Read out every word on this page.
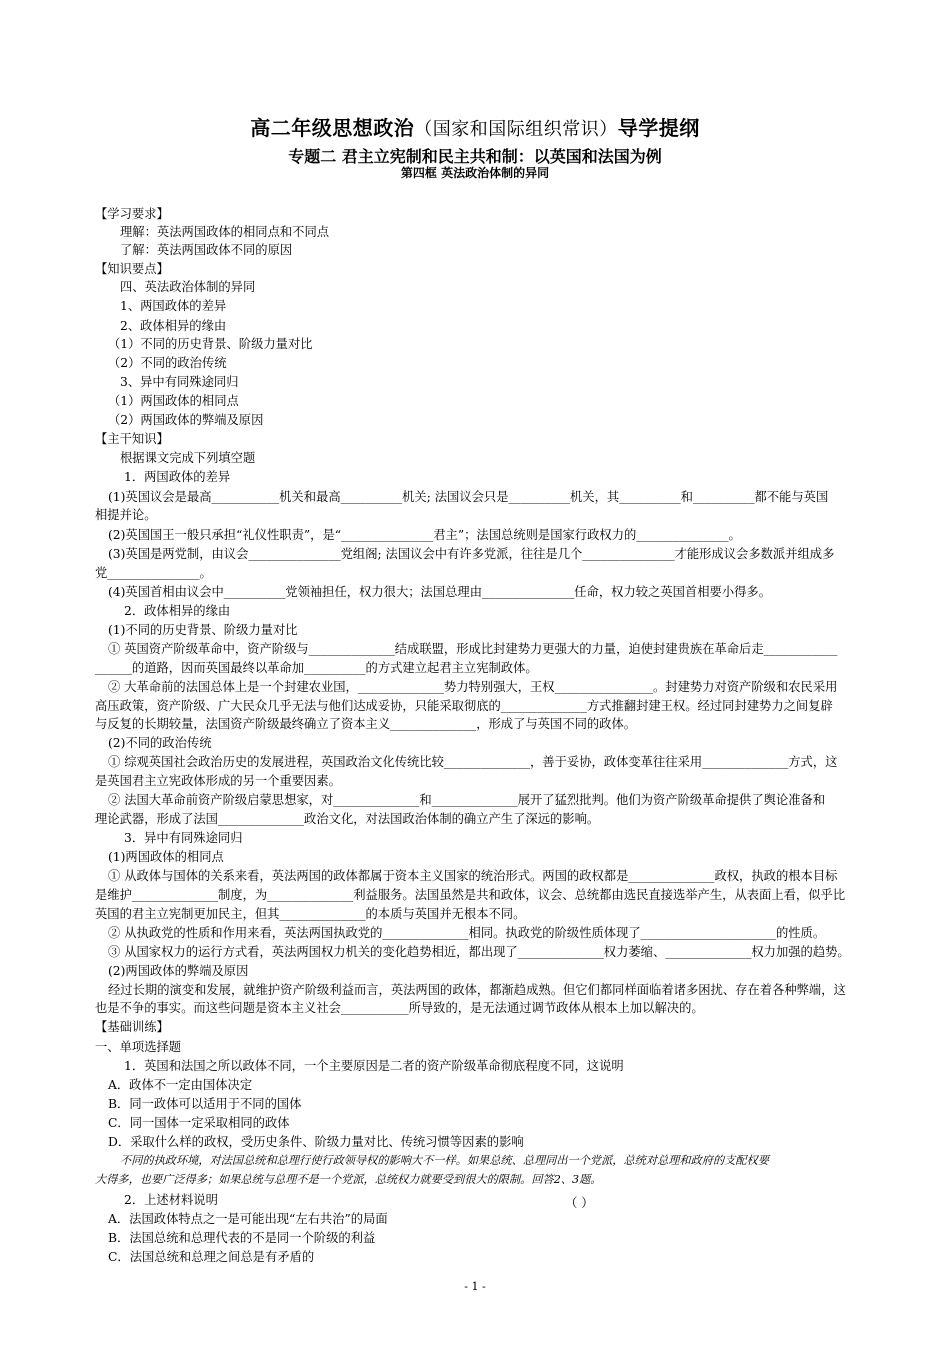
高二年级思想政治（国家和国际组织常识）导学提纲
专题二 君主立宪制和民主共和制：以英国和法国为例
第四框 英法政治体制的异同
【学习要求】
理解：英法两国政体的相同点和不同点
了解：英法两国政体不同的原因
【知识要点】
四、英法政治体制的异同
1、两国政体的差异
2、政体相异的缘由
（1）不同的历史背景、阶级力量对比
（2）不同的政治传统
3、异中有同殊途同归
（1）两国政体的相同点
（2）两国政体的弊端及原因
【主干知识】
根据课文完成下列填空题
1．两国政体的差异
(1)英国议会是最高___________机关和最高__________机关; 法国议会只是__________机关，其__________和__________都不能与英国
相提并论。
(2)英国国王一般只承担“礼仪性职责”，是“_______________君主”；法国总统则是国家行政权力的_______________。
(3)英国是两党制，由议会_______________党组阁; 法国议会中有许多党派，往往是几个_______________才能形成议会多数派并组成多
党_______________。
(4)英国首相由议会中__________党领袖担任，权力很大；法国总理由_______________任命，权力较之英国首相要小得多。
2．政体相异的缘由
(1)不同的历史背景、阶级力量对比
① 英国资产阶级革命中，资产阶级与______________结成联盟，形成比封建势力更强大的力量，迫使封建贵族在革命后走____________
______的道路，因而英国最终以革命加__________的方式建立起君主立宪制政体。
② 大革命前的法国总体上是一个封建农业国，______________势力特别强大，王权________________。封建势力对资产阶级和农民采用
高压政策，资产阶级、广大民众几乎无法与他们达成妥协，只能采取彻底的______________方式推翻封建王权。经过同封建势力之间复辟
与反复的长期较量，法国资产阶级最终确立了资本主义______________，形成了与英国不同的政体。
(2)不同的政治传统
① 综观英国社会政治历史的发展进程，英国政治文化传统比较______________，善于妥协，政体变革往往采用______________方式，这
是英国君主立宪政体形成的另一个重要因素。
② 法国大革命前资产阶级启蒙思想家，对______________和______________展开了猛烈批判。他们为资产阶级革命提供了舆论准备和
理论武器，形成了法国______________政治文化，对法国政治体制的确立产生了深远的影响。
3．异中有同殊途同归
(1)两国政体的相同点
① 从政体与国体的关系来看，英法两国的政体都属于资本主义国家的统治形式。两国的政权都是______________政权，执政的根本目标
是维护______________制度，为______________利益服务。法国虽然是共和政体，议会、总统都由选民直接选举产生，从表面上看，似乎比
英国的君主立宪制更加民主，但其______________的本质与英国并无根本不同。
② 从执政党的性质和作用来看，英法两国执政党的______________相同。执政党的阶级性质体现了______________________的性质。
③ 从国家权力的运行方式看，英法两国权力机关的变化趋势相近，都出现了______________权力萎缩、______________权力加强的趋势。
(2)两国政体的弊端及原因
经过长期的演变和发展，就维护资产阶级利益而言，英法两国的政体，都渐趋成熟。但它们都同样面临着诸多困扰、存在着各种弊端，这
也是不争的事实。而这些问题是资本主义社会___________所导致的，是无法通过调节政体从根本上加以解决的。
【基础训练】
一、单项选择题
1．英国和法国之所以政体不同，一个主要原因是二者的资产阶级革命彻底程度不同，这说明
A．政体不一定由国体决定
B．同一政体可以适用于不同的国体
C．同一国体一定采取相同的政体
D．采取什么样的政权，受历史条件、阶级力量对比、传统习惯等因素的影响
不同的执政环境，对法国总统和总理行使行政领导权的影响大不一样。如果总统、总理同出一个党派，总统对总理和政府的支配权要
大得多，也要广泛得多；如果总统与总理不是一个党派，总统权力就要受到很大的限制。回答2、3题。
2．上述材料说明
A．法国政体特点之一是可能出现“左右共治”的局面
B．法国总统和总理代表的不是同一个阶级的利益
C．法国总统和总理之间总是有矛盾的
（ ）
- 1 -
